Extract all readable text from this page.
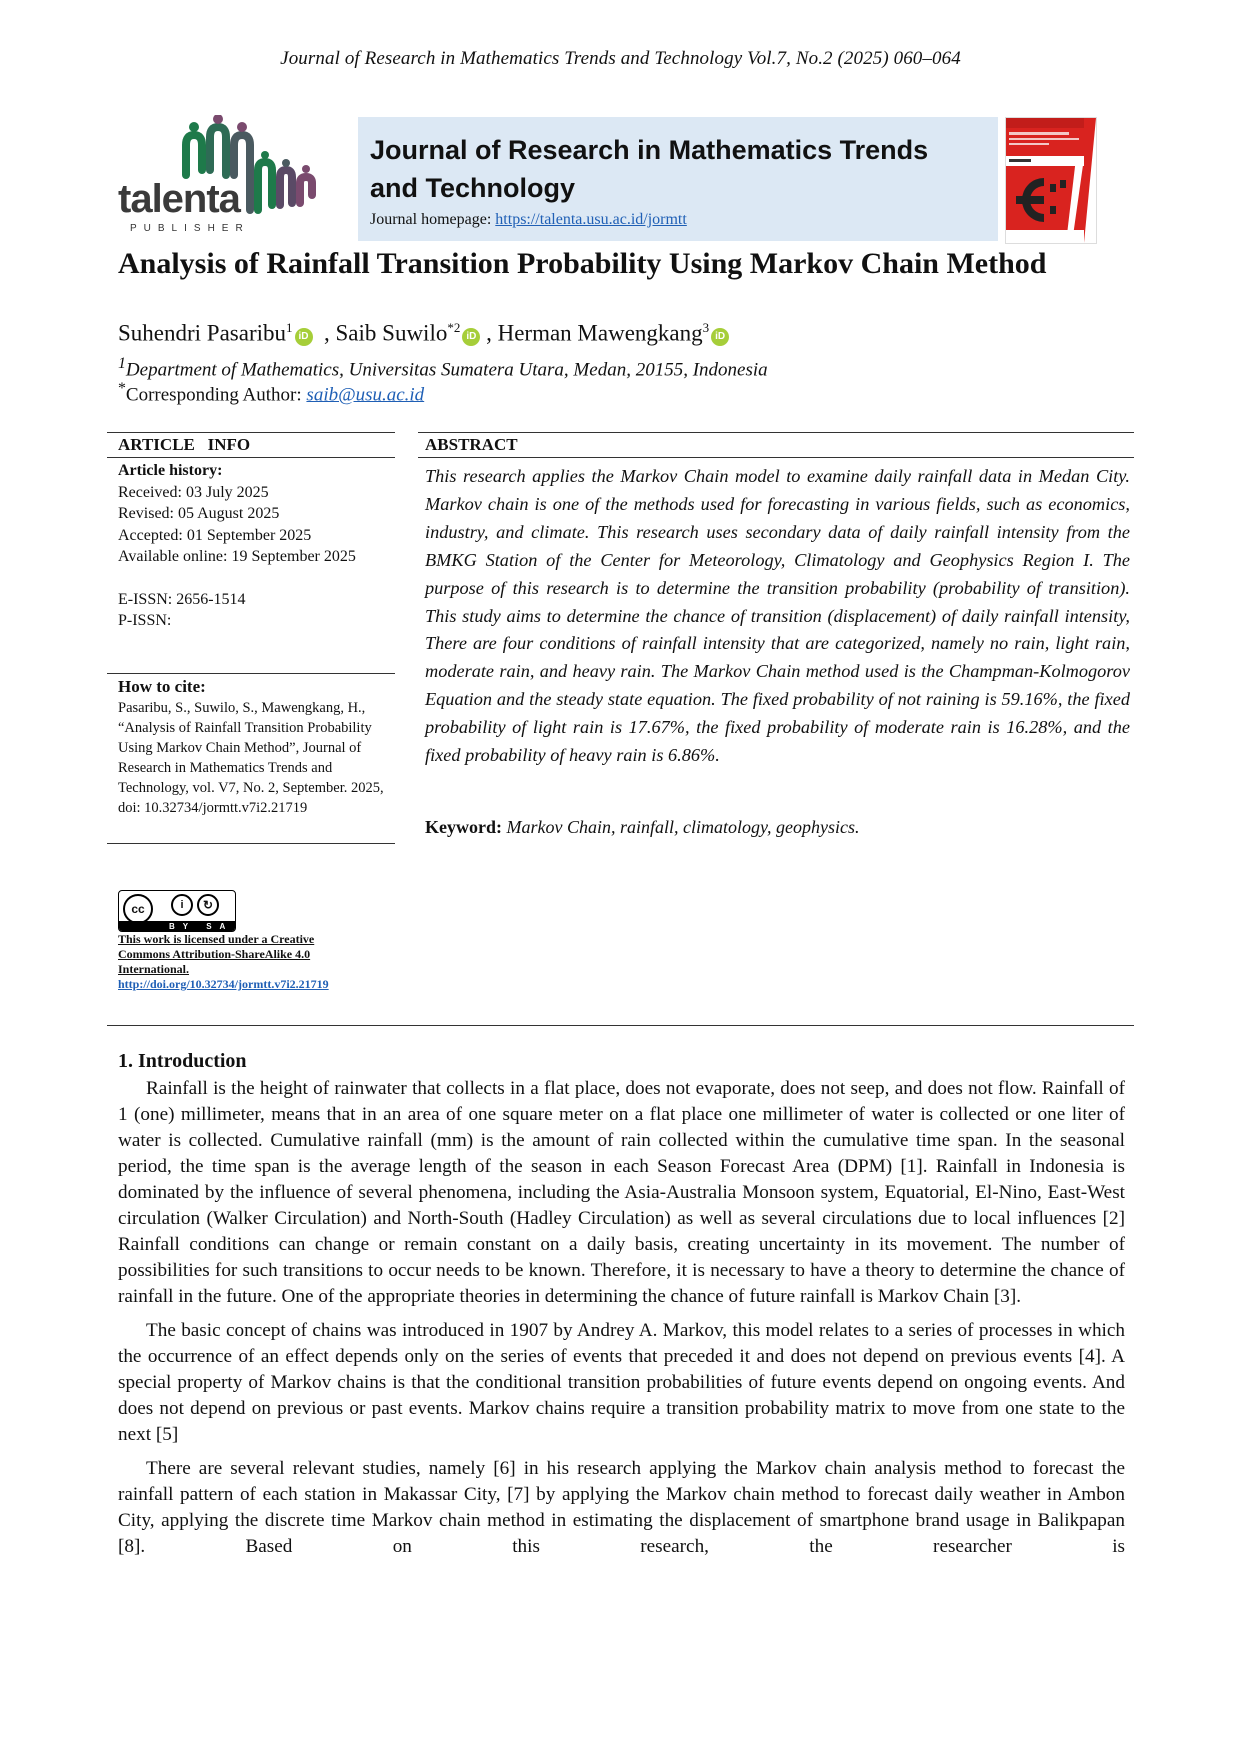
Journal of Research in Mathematics Trends and Technology Vol.7, No.2 (2025) 060–064
talenta
PUBLISHER
Journal of Research in Mathematics Trends and Technology
Journal homepage: https://talenta.usu.ac.id/jormtt
Analysis of Rainfall Transition Probability Using Markov Chain Method
Suhendri Pasaribu$^1$iD  , Saib Suwilo$^{*2}$iD , Herman Mawengkang$^3$iD
$^1$Department of Mathematics, Universitas Sumatera Utara, Medan, 20155, Indonesia
*Corresponding Author: saib@usu.ac.id
ARTICLE   INFO
Article history:
Received: 03 July 2025
Revised: 05 August 2025
Accepted: 01 September 2025
Available online: 19 September 2025
E-ISSN: 2656-1514
P-ISSN:
How to cite:
Pasaribu, S., Suwilo, S., Mawengkang, H., “Analysis of Rainfall Transition Probability Using Markov Chain Method”, Journal of Research in Mathematics Trends and Technology, vol. V7, No. 2, September. 2025, doi: 10.32734/jormtt.v7i2.21719
cc	i	↻
BY SA
This work is licensed under a Creative Commons Attribution-ShareAlike 4.0 International.
http://doi.org/10.32734/jormtt.v7i2.21719
ABSTRACT
This research applies the Markov Chain model to examine daily rainfall data in Medan City. Markov chain is one of the methods used for forecasting in various fields, such as economics, industry, and climate. This research uses secondary data of daily rainfall intensity from the BMKG Station of the Center for Meteorology, Climatology and Geophysics Region I. The purpose of this research is to determine the transition probability (probability of transition). This study aims to determine the chance of transition (displacement) of daily rainfall intensity, There are four conditions of rainfall intensity that are categorized, namely no rain, light rain, moderate rain, and heavy rain. The Markov Chain method used is the Champman-Kolmogorov Equation and the steady state equation. The fixed probability of not raining is 59.16%, the fixed probability of light rain is 17.67%, the fixed probability of moderate rain is 16.28%, and the fixed probability of heavy rain is 6.86%.
Keyword: Markov Chain, rainfall, climatology, geophysics.
1. Introduction

Rainfall is the height of rainwater that collects in a flat place, does not evaporate, does not seep, and does not flow. Rainfall of 1 (one) millimeter, means that in an area of one square meter on a flat place one millimeter of water is collected or one liter of water is collected. Cumulative rainfall (mm) is the amount of rain collected within the cumulative time span. In the seasonal period, the time span is the average length of the season in each Season Forecast Area (DPM) [1]. Rainfall in Indonesia is dominated by the influence of several phenomena, including the Asia-Australia Monsoon system, Equatorial, El-Nino, East-West circulation (Walker Circulation) and North-South (Hadley Circulation) as well as several circulations due to local influences [2] Rainfall conditions can change or remain constant on a daily basis, creating uncertainty in its movement. The number of possibilities for such transitions to occur needs to be known. Therefore, it is necessary to have a theory to determine the chance of rainfall in the future. One of the appropriate theories in determining the chance of future rainfall is Markov Chain [3].

The basic concept of chains was introduced in 1907 by Andrey A. Markov, this model relates to a series of processes in which the occurrence of an effect depends only on the series of events that preceded it and does not depend on previous events [4]. A special property of Markov chains is that the conditional transition probabilities of future events depend on ongoing events. And does not depend on previous or past events. Markov chains require a transition probability matrix to move from one state to the next [5]

There are several relevant studies, namely [6] in his research applying the Markov chain analysis method to forecast the rainfall pattern of each station in Makassar City, [7] by applying the Markov chain method to forecast daily weather in Ambon City, applying the discrete time Markov chain method in estimating the displacement of smartphone brand usage in Balikpapan [8]. Based on this research, the researcher is
